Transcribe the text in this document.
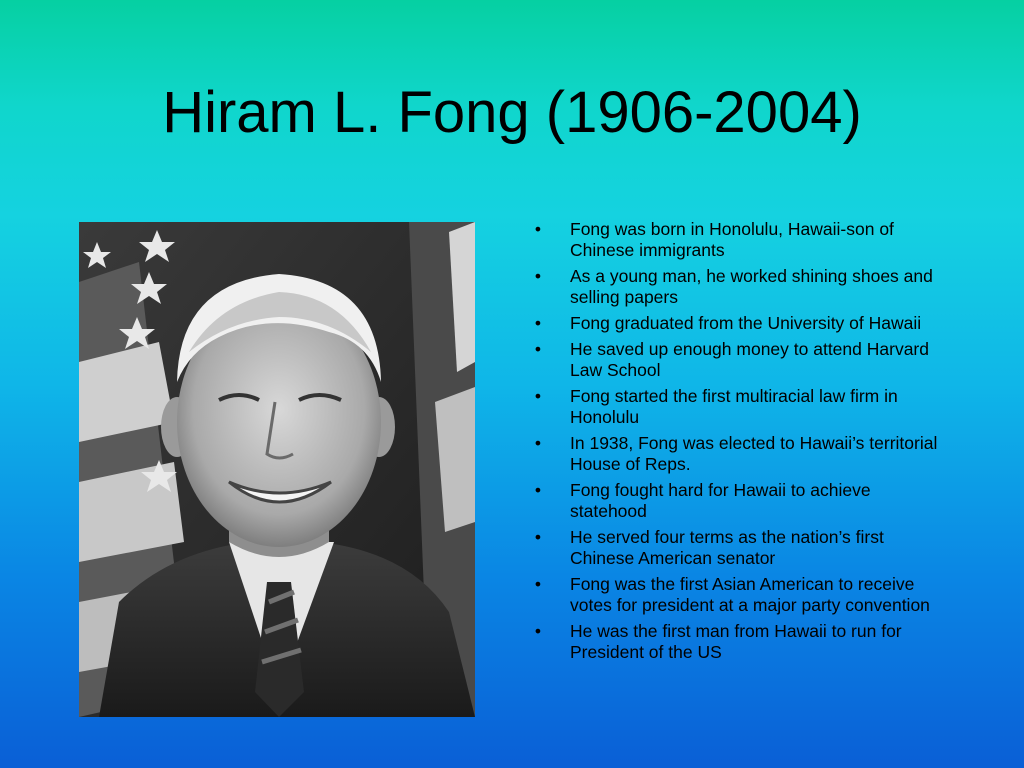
Hiram L. Fong (1906-2004)
• Fong was born in Honolulu, Hawaii-son of Chinese immigrants
• As a young man, he worked shining shoes and selling papers
• Fong graduated from the University of Hawaii
• He saved up enough money to attend Harvard Law School
• Fong started the first multiracial law firm in Honolulu
• In 1938, Fong was elected to Hawaii’s territorial House of Reps.
• Fong fought hard for Hawaii to achieve statehood
• He served four terms as the nation’s first Chinese American senator
• Fong was the first Asian American to receive votes for president at a major party convention
• He was the first man from Hawaii to run for President of the US
